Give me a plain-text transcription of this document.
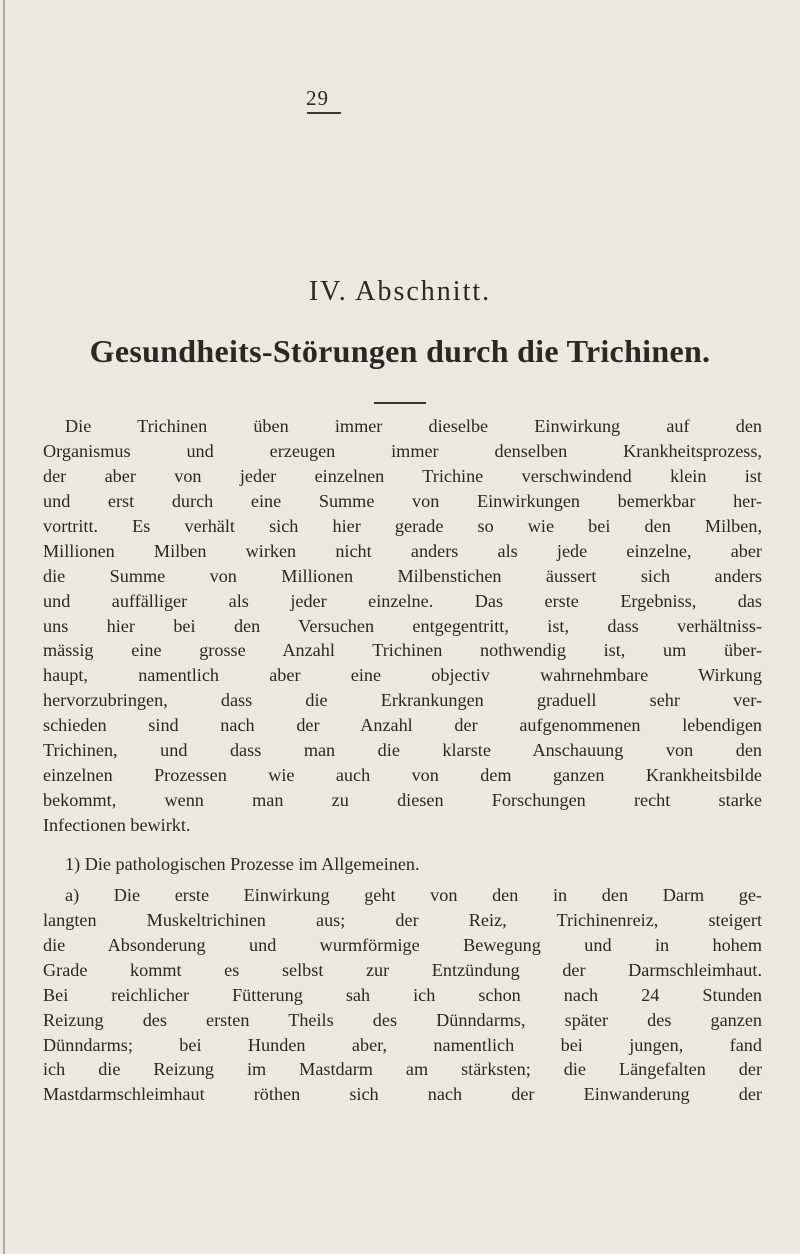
29
IV. Abschnitt.
Gesundheits-Störungen durch die Trichinen.
Die Trichinen üben immer dieselbe Einwirkung auf den
Organismus und erzeugen immer denselben Krankheitsprozess,
der aber von jeder einzelnen Trichine verschwindend klein ist
und erst durch eine Summe von Einwirkungen bemerkbar her-
vortritt. Es verhält sich hier gerade so wie bei den Milben,
Millionen Milben wirken nicht anders als jede einzelne, aber
die Summe von Millionen Milbenstichen äussert sich anders
und auffälliger als jeder einzelne. Das erste Ergebniss, das
uns hier bei den Versuchen entgegentritt, ist, dass verhältniss-
mässig eine grosse Anzahl Trichinen nothwendig ist, um über-
haupt, namentlich aber eine objectiv wahrnehmbare Wirkung
hervorzubringen, dass die Erkrankungen graduell sehr ver-
schieden sind nach der Anzahl der aufgenommenen lebendigen
Trichinen, und dass man die klarste Anschauung von den
einzelnen Prozessen wie auch von dem ganzen Krankheitsbilde
bekommt, wenn man zu diesen Forschungen recht starke
Infectionen bewirkt.
1) Die pathologischen Prozesse im Allgemeinen.
a) Die erste Einwirkung geht von den in den Darm ge-
langten Muskeltrichinen aus; der Reiz, Trichinenreiz, steigert
die Absonderung und wurmförmige Bewegung und in hohem
Grade kommt es selbst zur Entzündung der Darmschleimhaut.
Bei reichlicher Fütterung sah ich schon nach 24 Stunden
Reizung des ersten Theils des Dünndarms, später des ganzen
Dünndarms; bei Hunden aber, namentlich bei jungen, fand
ich die Reizung im Mastdarm am stärksten; die Längefalten der
Mastdarmschleimhaut röthen sich nach der Einwanderung der
